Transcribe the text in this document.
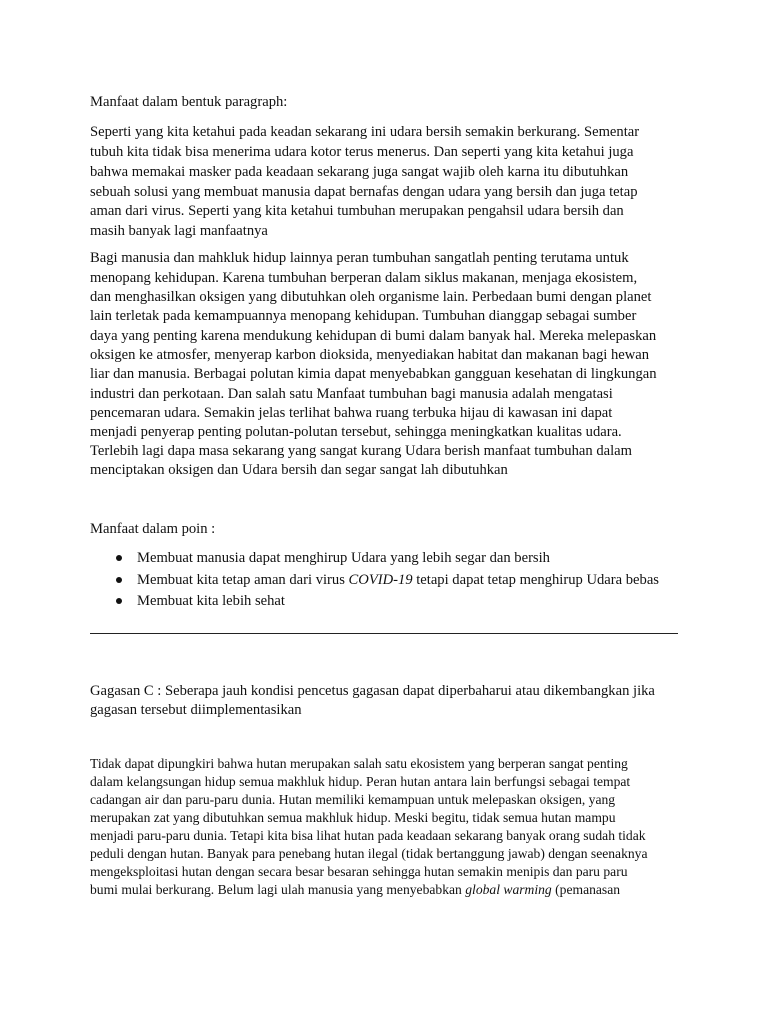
Manfaat dalam bentuk paragraph:
Seperti yang kita ketahui pada keadan sekarang ini udara bersih semakin berkurang. Sementar
tubuh kita tidak bisa menerima udara kotor terus menerus. Dan seperti yang kita ketahui juga
bahwa memakai masker pada keadaan sekarang juga sangat wajib oleh karna itu dibutuhkan
sebuah solusi yang membuat manusia dapat bernafas dengan udara yang bersih dan juga tetap
aman dari virus. Seperti yang kita ketahui tumbuhan merupakan pengahsil udara bersih dan
masih banyak lagi manfaatnya
Bagi manusia dan mahkluk hidup lainnya peran tumbuhan sangatlah penting terutama untuk
menopang kehidupan. Karena tumbuhan berperan dalam siklus makanan, menjaga ekosistem,
dan menghasilkan oksigen yang dibutuhkan oleh organisme lain. Perbedaan bumi dengan planet
lain terletak pada kemampuannya menopang kehidupan. Tumbuhan dianggap sebagai sumber
daya yang penting karena mendukung kehidupan di bumi dalam banyak hal. Mereka melepaskan
oksigen ke atmosfer, menyerap karbon dioksida, menyediakan habitat dan makanan bagi hewan
liar dan manusia. Berbagai polutan kimia dapat menyebabkan gangguan kesehatan di lingkungan
industri dan perkotaan. Dan salah satu Manfaat tumbuhan bagi manusia adalah mengatasi
pencemaran udara. Semakin jelas terlihat bahwa ruang terbuka hijau di kawasan ini dapat
menjadi penyerap penting polutan-polutan tersebut, sehingga meningkatkan kualitas udara.
Terlebih lagi dapa masa sekarang yang sangat kurang Udara berish manfaat tumbuhan dalam
menciptakan oksigen dan Udara bersih dan segar sangat lah dibutuhkan
Manfaat dalam poin :
Membuat manusia dapat menghirup Udara yang lebih segar dan bersih
Membuat kita tetap aman dari virus COVID-19 tetapi dapat tetap menghirup Udara bebas
Membuat kita lebih sehat
Gagasan C : Seberapa jauh kondisi pencetus gagasan dapat diperbaharui atau dikembangkan jika
gagasan tersebut diimplementasikan
Tidak dapat dipungkiri bahwa hutan merupakan salah satu ekosistem yang berperan sangat penting
dalam kelangsungan hidup semua makhluk hidup. Peran hutan antara lain berfungsi sebagai tempat
cadangan air dan paru-paru dunia. Hutan memiliki kemampuan untuk melepaskan oksigen, yang
merupakan zat yang dibutuhkan semua makhluk hidup. Meski begitu, tidak semua hutan mampu
menjadi paru-paru dunia. Tetapi kita bisa lihat hutan pada keadaan sekarang banyak orang sudah tidak
peduli dengan hutan. Banyak para penebang hutan ilegal (tidak bertanggung jawab) dengan seenaknya
mengeksploitasi hutan dengan secara besar besaran sehingga hutan semakin menipis dan paru paru
bumi mulai berkurang. Belum lagi ulah manusia yang menyebabkan global warming (pemanasan
